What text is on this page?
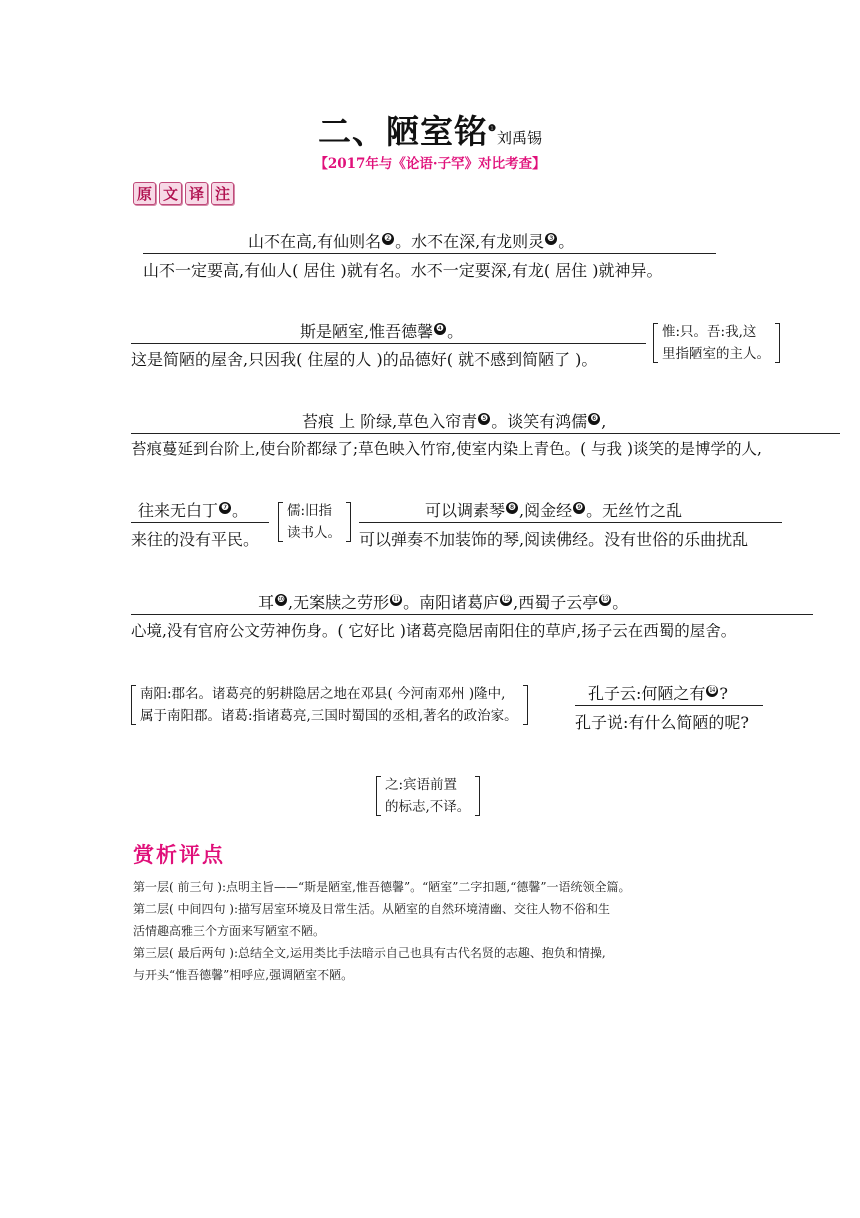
二、陋室铭$^❶$刘禹锡
【2017年与《论语·子罕》对比考查】
原 文 译 注
山不在高,有仙则名 ❷ 。水不在深,有龙则灵 ❸ 。
山不一定要高,有仙人( 居住 )就有名。水不一定要深,有龙( 居住 )就神异。
斯是陋室,惟吾德馨 ❹ 。
这是简陋的屋舍,只因我( 住屋的人 )的品德好( 就不感到简陋了 )。
惟:只。吾:我,这
里指陋室的主人。
苔痕 上 阶绿,草色入帘青 ❺ 。谈笑有鸿儒 ❻ ,
苔痕蔓延到台阶上,使台阶都绿了;草色映入竹帘,使室内染上青色。( 与我 )谈笑的是博学的人,
往来无白丁 ❼ 。
来往的没有平民。
儒:旧指
读书人。
可以调素琴 ❽ ,阅金经 ❾ 。无丝竹之乱
可以弹奏不加装饰的琴,阅读佛经。没有世俗的乐曲扰乱
耳 ❿ ,无案牍之劳形 ⓫ 。南阳诸葛庐 ⓬ ,西蜀子云亭 ⓭ 。
心境,没有官府公文劳神伤身。( 它好比 )诸葛亮隐居南阳住的草庐,扬子云在西蜀的屋舍。
南阳:郡名。诸葛亮的躬耕隐居之地在邓县( 今河南邓州 )隆中,
属于南阳郡。诸葛:指诸葛亮,三国时蜀国的丞相,著名的政治家。
孔子云:何陋之有 ⓮ ?
孔子说:有什么简陋的呢?
之:宾语前置
的标志,不译。
赏析评点
第一层( 前三句 ):点明主旨——“斯是陋室,惟吾德馨”。“陋室”二字扣题,“德馨”一语统领全篇。
第二层( 中间四句 ):描写居室环境及日常生活。从陋室的自然环境清幽、交往人物不俗和生
活情趣高雅三个方面来写陋室不陋。
第三层( 最后两句 ):总结全文,运用类比手法暗示自己也具有古代名贤的志趣、抱负和情操,
与开头“惟吾德馨”相呼应,强调陋室不陋。
